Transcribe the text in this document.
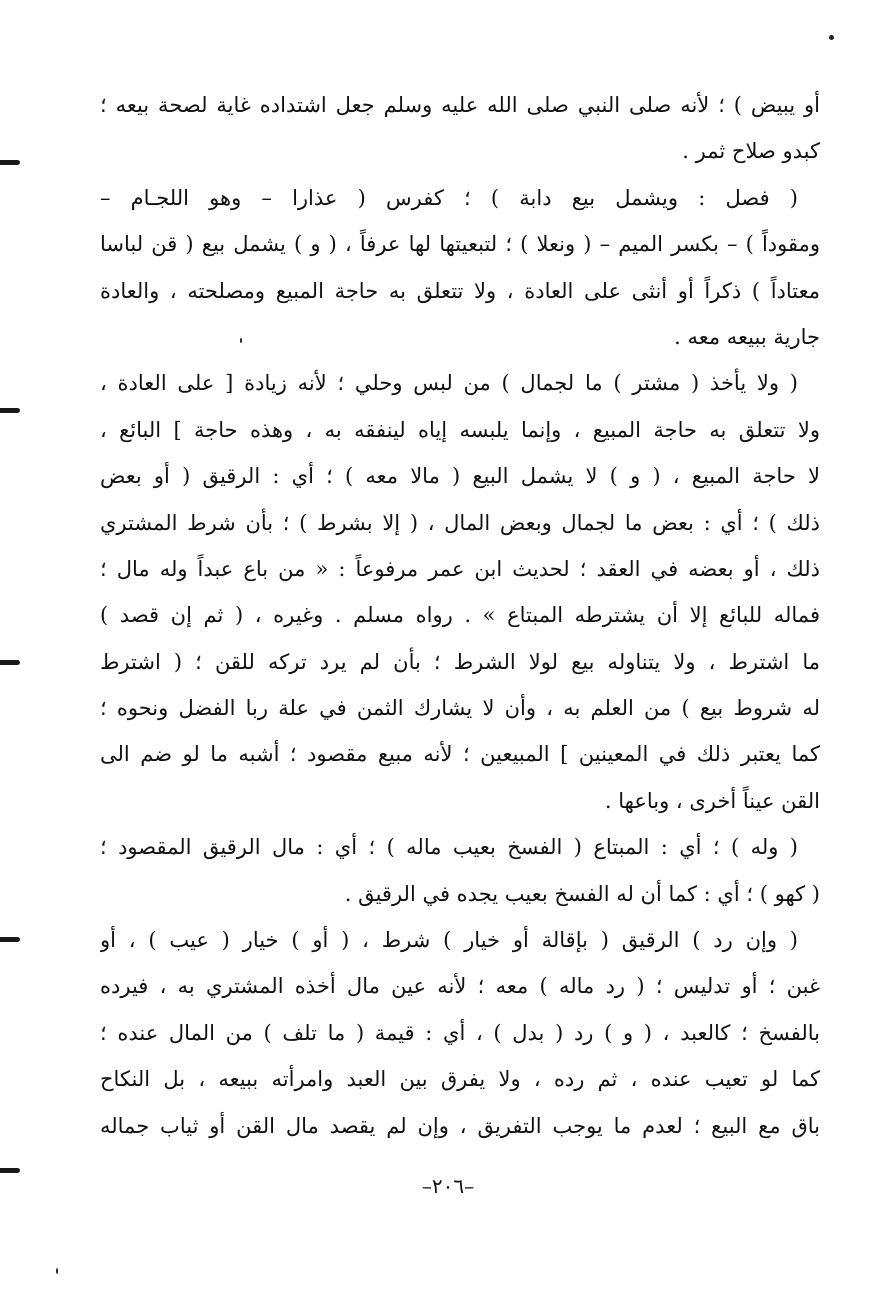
أو يبيض ) ؛ لأنه صلى النبي صلى الله عليه وسلم جعل اشتداده غاية لصحة بيعه ؛
كبدو صلاح ثمر .
( فصل : ويشمل بيع دابة ) ؛ كفرس ( عذارا – وهو اللجـام –
ومقوداً ) – بكسر الميم – ( ونعلا ) ؛ لتبعيتها لها عرفاً ، ( و ) يشمل بيع ( قن لباسا
معتاداً ) ذكراً أو أنثى على العادة ، ولا تتعلق به حاجة المبيع ومصلحته ، والعادة
جارية ببيعه معه .
( ولا يأخذ ( مشتر ) ما لجمال ) من لبس وحلي ؛ لأنه زيادة [ على العادة ،
ولا تتعلق به حاجة المبيع ، وإنما يلبسه إياه لينفقه به ، وهذه حاجة ] البائع ،
لا حاجة المبيع ، ( و ) لا يشمل البيع ( مالا معه ) ؛ أي : الرقيق ( أو بعض
ذلك ) ؛ أي : بعض ما لجمال وبعض المال ، ( إلا بشرط ) ؛ بأن شرط المشتري
ذلك ، أو بعضه في العقد ؛ لحديث ابن عمر مرفوعاً : « من باع عبداً وله مال ؛
فماله للبائع إلا أن يشترطه المبتاع » . رواه مسلم . وغيره ، ( ثم إن قصد )
ما اشترط ، ولا يتناوله بيع لولا الشرط ؛ بأن لم يرد تركه للقن ؛ ( اشترط
له شروط بيع ) من العلم به ، وأن لا يشارك الثمن في علة ربا الفضل ونحوه ؛
كما يعتبر ذلك في المعينين ] المبيعين ؛ لأنه مبيع مقصود ؛ أشبه ما لو ضم الى
القن عيناً أخرى ، وباعها .
( وله ) ؛ أي : المبتاع ( الفسخ بعيب ماله ) ؛ أي : مال الرقيق المقصود ؛
( كهو ) ؛ أي : كما أن له الفسخ بعيب يجده في الرقيق .
( وإن رد ) الرقيق ( بإقالة أو خيار ) شرط ، ( أو ) خيار ( عيب ) ، أو
غبن ؛ أو تدليس ؛ ( رد ماله ) معه ؛ لأنه عين مال أخذه المشتري به ، فيرده
بالفسخ ؛ كالعبد ، ( و ) رد ( بدل ) ، أي : قيمة ( ما تلف ) من المال عنده ؛
كما لو تعيب عنده ، ثم رده ، ولا يفرق بين العبد وامرأته ببيعه ، بل النكاح
باق مع البيع ؛ لعدم ما يوجب التفريق ، وإن لم يقصد مال القن أو ثياب جماله
–٢٠٦–
